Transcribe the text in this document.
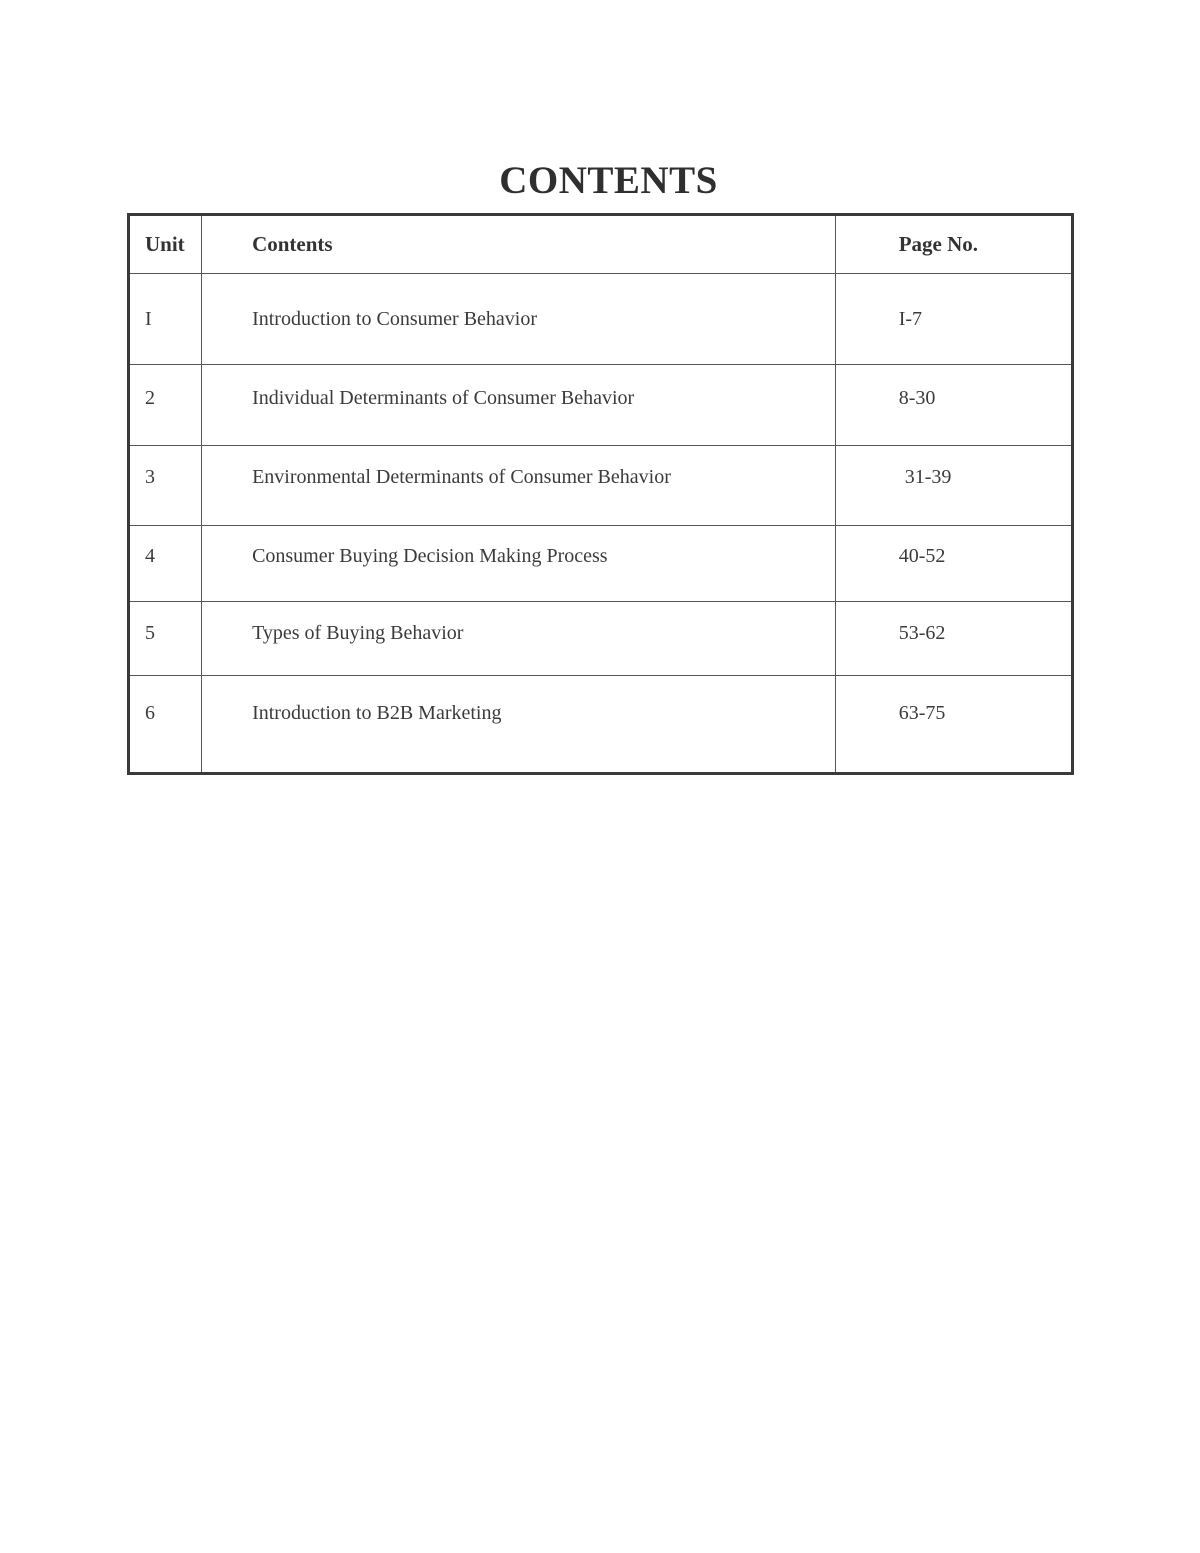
CONTENTS
Unit	Contents	Page No.
I	Introduction to Consumer Behavior	I-7
2	Individual Determinants of Consumer Behavior	8-30
3	Environmental Determinants of Consumer Behavior	31-39
4	Consumer Buying Decision Making Process	40-52
5	Types of Buying Behavior	53-62
6	Introduction to B2B Marketing	63-75
